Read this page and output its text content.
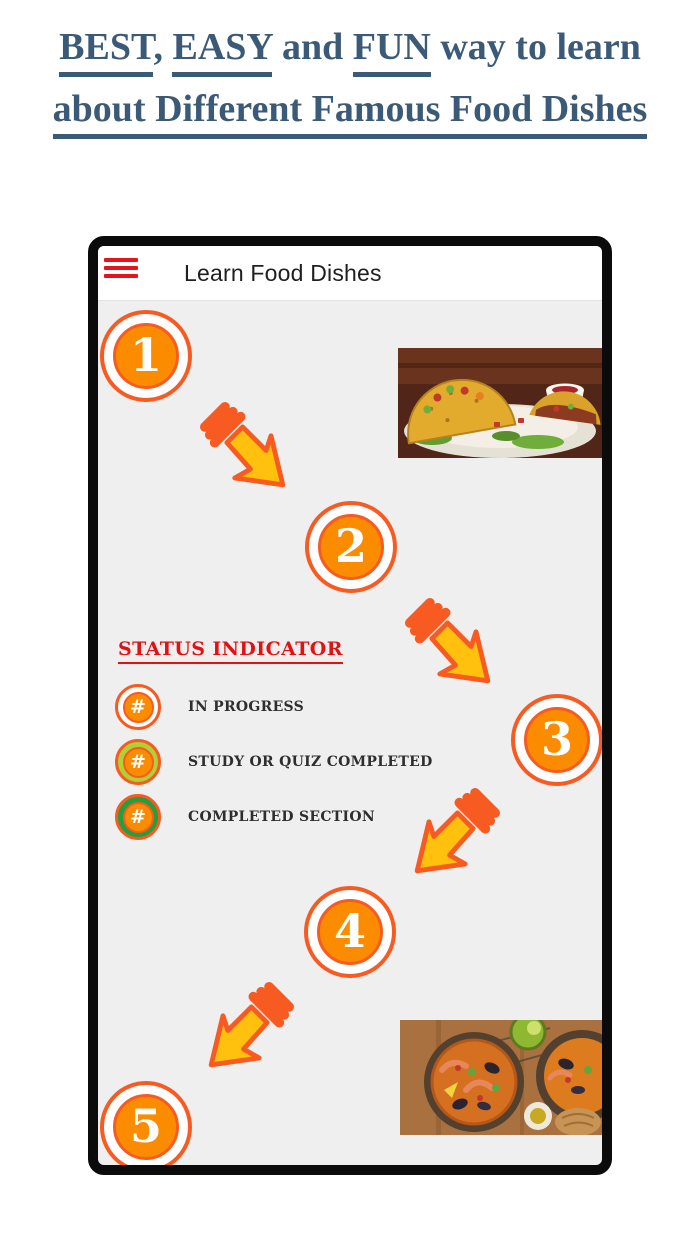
BEST, EASY and FUN way to learn
about Different Famous Food Dishes
Learn Food Dishes
1
2
3
4
5
STATUS INDICATOR
#	IN PROGRESS
#	STUDY OR QUIZ COMPLETED
#	COMPLETED SECTION
